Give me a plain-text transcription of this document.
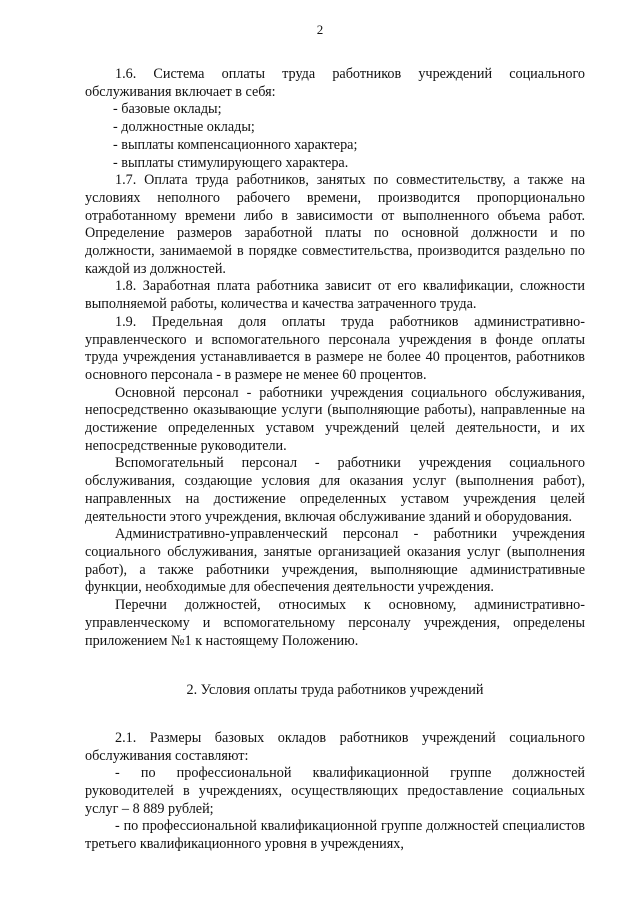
2

1.6. Система оплаты труда работников учреждений социального обслуживания включает в себя:

- базовые оклады;

- должностные оклады;

- выплаты компенсационного характера;

- выплаты стимулирующего характера.

1.7. Оплата труда работников, занятых по совместительству, а также на условиях неполного рабочего времени, производится пропорционально отработанному времени либо в зависимости от выполненного объема работ. Определение размеров заработной платы по основной должности и по должности, занимаемой в порядке совместительства, производится раздельно по каждой из должностей.

1.8. Заработная плата работника зависит от его квалификации, сложности выполняемой работы, количества и качества затраченного труда.

1.9. Предельная доля оплаты труда работников административно-управленческого и вспомогательного персонала учреждения в фонде оплаты труда учреждения устанавливается в размере не более 40 процентов, работников основного персонала - в размере не менее 60 процентов.

Основной персонал - работники учреждения социального обслуживания, непосредственно оказывающие услуги (выполняющие работы), направленные на достижение определенных уставом учреждений целей деятельности, и их непосредственные руководители.

Вспомогательный персонал - работники учреждения социального обслуживания, создающие условия для оказания услуг (выполнения работ), направленных на достижение определенных уставом учреждения целей деятельности этого учреждения, включая обслуживание зданий и оборудования.

Административно-управленческий персонал - работники учреждения социального обслуживания, занятые организацией оказания услуг (выполнения работ), а также работники учреждения, выполняющие административные функции, необходимые для обеспечения деятельности учреждения.

Перечни должностей, относимых к основному, административно-управленческому и вспомогательному персоналу учреждения, определены приложением №1 к настоящему Положению.

2. Условия оплаты труда работников учреждений

2.1. Размеры базовых окладов работников учреждений социального обслуживания составляют:

- по профессиональной квалификационной группе должностей руководителей в учреждениях, осуществляющих предоставление социальных услуг – 8 889 рублей;

- по профессиональной квалификационной группе должностей специалистов третьего квалификационного уровня в учреждениях,
